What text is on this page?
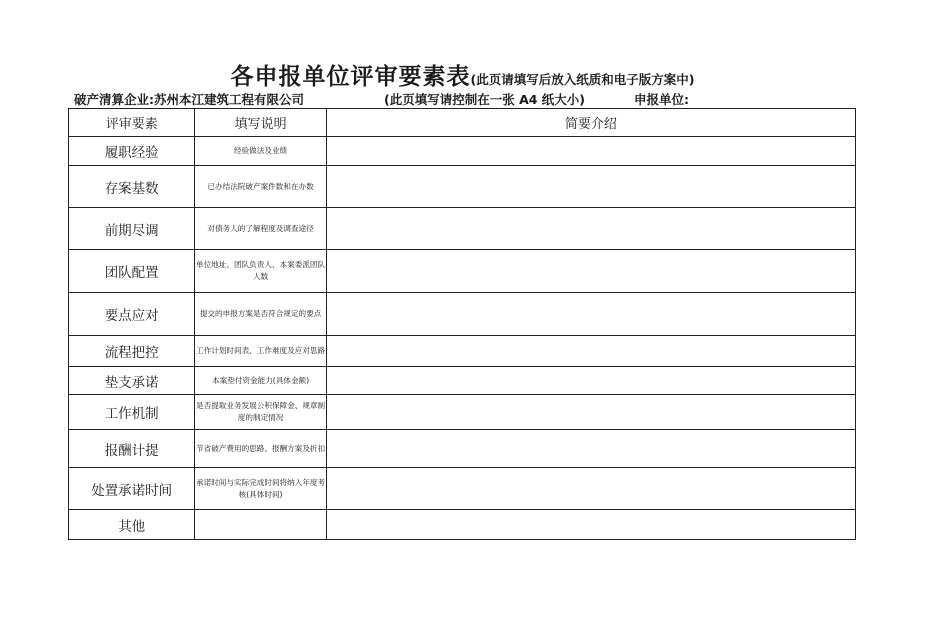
各申报单位评审要素表(此页请填写后放入纸质和电子版方案中)
破产清算企业:苏州本江建筑工程有限公司	(此页填写请控制在一张 A4 纸大小)	申报单位:
评审要素	填写说明	简要介绍
履职经验	经验做法及业绩	
存案基数	已办结法院破产案件数和在办数	
前期尽调	对债务人的了解程度及调查途径	
团队配置	单位地址、团队负责人、本案委派团队人数	
要点应对	提交的申报方案是否符合规定的要点	
流程把控	工作计划时间表、工作难度及应对思路	
垫支承诺	本案垫付资金能力(具体金额)	
工作机制	是否提取业务发展公积保障金、规章制度的制定情况	
报酬计提	节省破产费用的思路、报酬方案及折扣	
处置承诺时间	承诺时间与实际完成时间将纳入年度考核(具体时间)	
其他		
